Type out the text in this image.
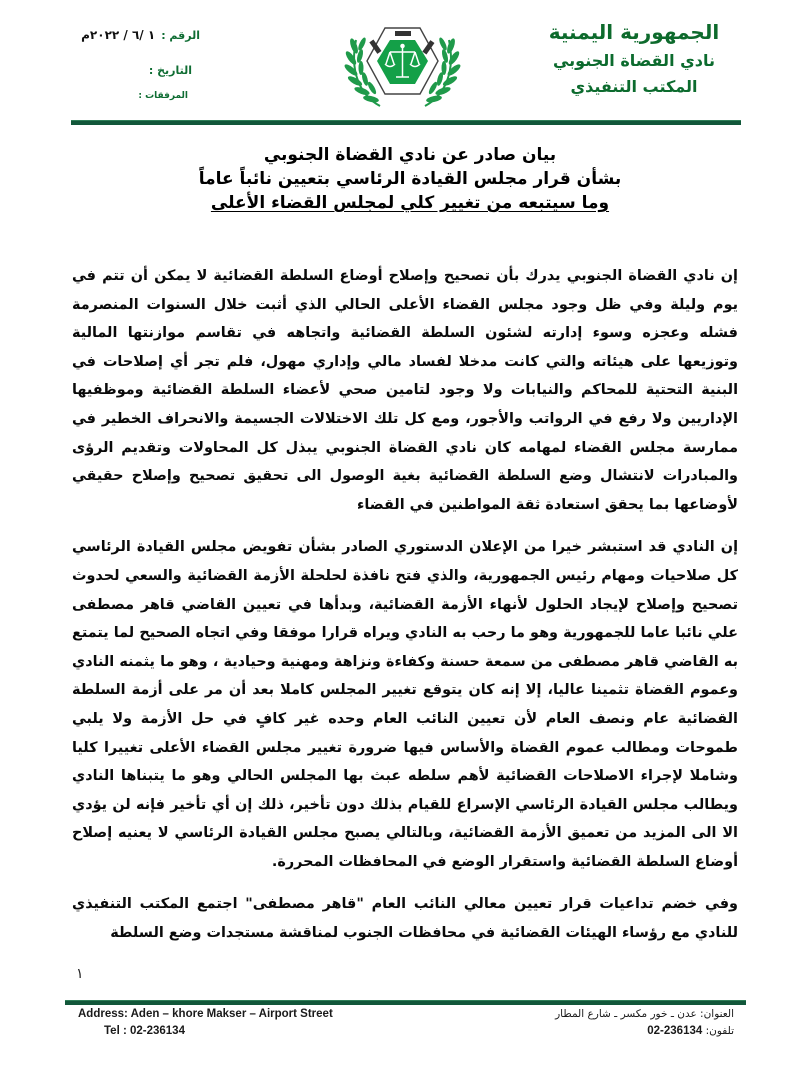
الرقم :
١ /٦ / ٢٠٢٢م
التاريخ :
المرفقات :
الجمهورية اليمنية
نادي القضاة الجنوبي
المكتب التنفيذي
بيان صادر عن نادي القضاة الجنوبي
بشأن قرار مجلس القيادة الرئاسي بتعيين نائباً عاماً
وما سيتبعه من تغيير كلي لمجلس القضاء الأعلى

إن نادي القضاة الجنوبي يدرك بأن تصحيح وإصلاح أوضاع السلطة القضائية لا يمكن أن تتم في يوم وليلة وفي ظل وجود مجلس القضاء الأعلى الحالي الذي أثبت خلال السنوات المنصرمة فشله وعجزه وسوء إدارته لشئون السلطة القضائية واتجاهه في تقاسم موازنتها المالية وتوزيعها على هيئاته والتي كانت مدخلا لفساد مالي وإداري مهول، فلم تجر أي إصلاحات في البنية التحتية للمحاكم والنيابات ولا وجود لتامين صحي لأعضاء السلطة القضائية وموظفيها الإداريين ولا رفع في الرواتب والأجور، ومع كل تلك الاختلالات الجسيمة والانحراف الخطير في ممارسة مجلس القضاء لمهامه كان نادي القضاة الجنوبي يبذل كل المحاولات وتقديم الرؤى والمبادرات لانتشال وضع السلطة القضائية بغية الوصول الى تحقيق تصحيح وإصلاح حقيقي لأوضاعها بما يحقق استعادة ثقة المواطنين في القضاء

إن النادي قد استبشر خيرا من الإعلان الدستوري الصادر بشأن تفويض مجلس القيادة الرئاسي كل صلاحيات ومهام رئيس الجمهورية، والذي فتح نافذة لحلحلة الأزمة القضائية والسعي لحدوث تصحيح وإصلاح لإيجاد الحلول لأنهاء الأزمة القضائية، وبدأها في تعيين القاضي قاهر مصطفى علي نائبا عاما للجمهورية وهو ما رحب به النادي ويراه قرارا موفقا وفي اتجاه الصحيح لما يتمتع به القاضي قاهر مصطفى من سمعة حسنة وكفاءة ونزاهة ومهنية وحيادية ، وهو ما يثمنه النادي وعموم القضاة تثمينا عاليا، إلا إنه كان يتوقع تغيير المجلس كاملا بعد أن مر على أزمة السلطة القضائية عام ونصف العام لأن تعيين النائب العام وحده غير كافٍ في حل الأزمة ولا يلبي طموحات ومطالب عموم القضاة والأساس فيها ضرورة تغيير مجلس القضاء الأعلى تغييرا كليا وشاملا لإجراء الاصلاحات القضائية لأهم سلطه عبث بها المجلس الحالي وهو ما يتبناها النادي ويطالب مجلس القيادة الرئاسي الإسراع للقيام بذلك دون تأخير، ذلك إن أي تأخير فإنه لن يؤدي الا الى المزيد من تعميق الأزمة القضائية، وبالتالي يصبح مجلس القيادة الرئاسي لا يعنيه إصلاح أوضاع السلطة القضائية واستقرار الوضع في المحافظات المحررة.

وفي خضم تداعيات قرار تعيين معالي النائب العام "قاهر مصطفى" اجتمع المكتب التنفيذي للنادي مع رؤساء الهيئات القضائية في محافظات الجنوب لمناقشة مستجدات وضع السلطة

١
Address: Aden – khore Makser – Airport Street
Tel : 02-236134
العنوان: عدن ـ خور مكسر ـ شارع المطار
تلفون: 02-236134
